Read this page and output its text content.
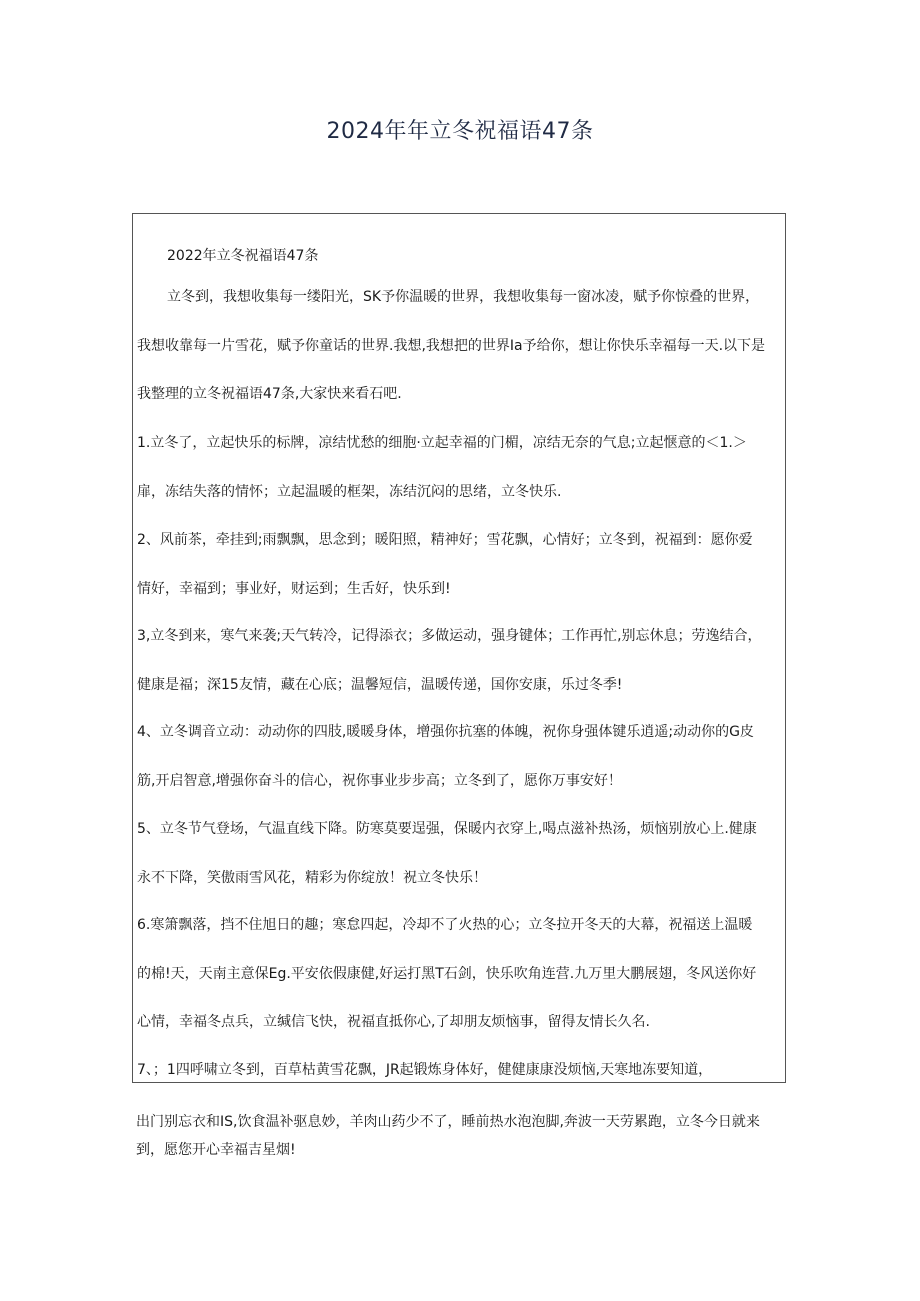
2024年年立冬祝福语47条

2022年立冬祝福语47条

立冬到，我想收集每一缕阳光，SK予你温暖的世界，我想收集每一窗冰凌，赋予你惊叠的世界，
我想收靠每一片雪花，赋予你童话的世界.我想,我想把的世界Ia予给你，想让你快乐幸福每一天.以下是
我整理的立冬祝福语47条,大家快来看石吧.
1.立冬了，立起快乐的标牌，凉结忧愁的细胞·立起幸福的门楣，凉结无奈的气息;立起惬意的＜1.＞
扉，冻结失落的情怀；立起温暖的框架，冻结沉闷的思绪，立冬快乐.
2、风前茶，牵挂到;雨飘飘，思念到；暖阳照，精神好；雪花飘，心情好；立冬到，祝福到：愿你爱
情好，幸福到；事业好，财运到；生舌好，快乐到!
3,立冬到来，寒气来袭;天气转冷，记得添衣；多做运动，强身键体；工作再忙,别忘休息；劳逸结合，
健康是福；深15友情，藏在心底；温馨短信，温暖传递，国你安康，乐过冬季!
4、立冬调音立动：动动你的四肢,暖暖身体，增强你抗塞的体魄，祝你身强体键乐逍遥;动动你的G皮
筋,开启智意,增强你奋斗的信心，祝你事业步步高；立冬到了，愿你万事安好！
5、立冬节气登场，气温直线下降。防寒莫要逞强，保暖内衣穿上,喝点滋补热汤，烦恼别放心上.健康
永不下降，笑傲雨雪风花，精彩为你绽放！祝立冬快乐！
6.寒箫飘落，挡不住旭日的趣；寒怠四起，冷却不了火热的心；立冬拉开冬天的大幕，祝福送上温暖
的棉!天，天南主意保Eg.平安依假康健,好运打黑T石剑，快乐吹角连营.九万里大鹏展翅，冬风送你好
心情，幸福冬点兵，立缄信飞快，祝福直抵你心,了却朋友烦恼事，留得友情长久名.
7、；1四呼啸立冬到，百草枯黄雪花飘，JR起锻炼身体好，健健康康没烦恼,天寒地冻要知道，
出门别忘衣和IS,饮食温补驱息妙，羊肉山药少不了，睡前热水泡泡脚,奔波一天劳累跑，立冬今日就来
到，愿您开心幸福吉星烟!
